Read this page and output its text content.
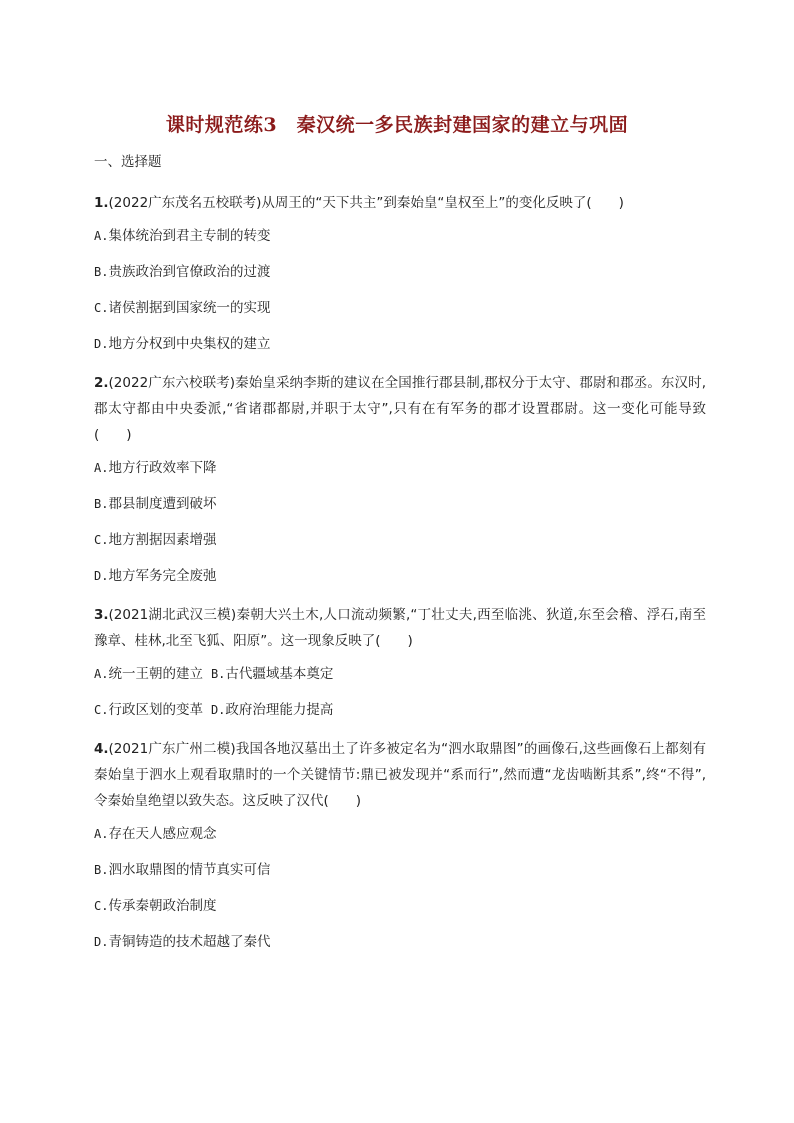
课时规范练3　秦汉统一多民族封建国家的建立与巩固
一、选择题
1.(2022广东茂名五校联考)从周王的“天下共主”到秦始皇“皇权至上”的变化反映了(　　)
A.集体统治到君主专制的转变
B.贵族政治到官僚政治的过渡
C.诸侯割据到国家统一的实现
D.地方分权到中央集权的建立
2.(2022广东六校联考)秦始皇采纳李斯的建议在全国推行郡县制,郡权分于太守、郡尉和郡丞。东汉时,郡太守都由中央委派,“省诸郡都尉,并职于太守”,只有在有军务的郡才设置郡尉。这一变化可能导致(　　)
A.地方行政效率下降
B.郡县制度遭到破坏
C.地方割据因素增强
D.地方军务完全废弛
3.(2021湖北武汉三模)秦朝大兴土木,人口流动频繁,“丁壮丈夫,西至临洮、狄道,东至会稽、浮石,南至豫章、桂林,北至飞狐、阳原”。这一现象反映了(　　)
A.统一王朝的建立 B.古代疆域基本奠定
C.行政区划的变革 D.政府治理能力提高
4.(2021广东广州二模)我国各地汉墓出土了许多被定名为“泗水取鼎图”的画像石,这些画像石上都刻有秦始皇于泗水上观看取鼎时的一个关键情节:鼎已被发现并“系而行”,然而遭“龙齿啮断其系”,终“不得”,令秦始皇绝望以致失态。这反映了汉代(　　)
A.存在天人感应观念
B.泗水取鼎图的情节真实可信
C.传承秦朝政治制度
D.青铜铸造的技术超越了秦代
